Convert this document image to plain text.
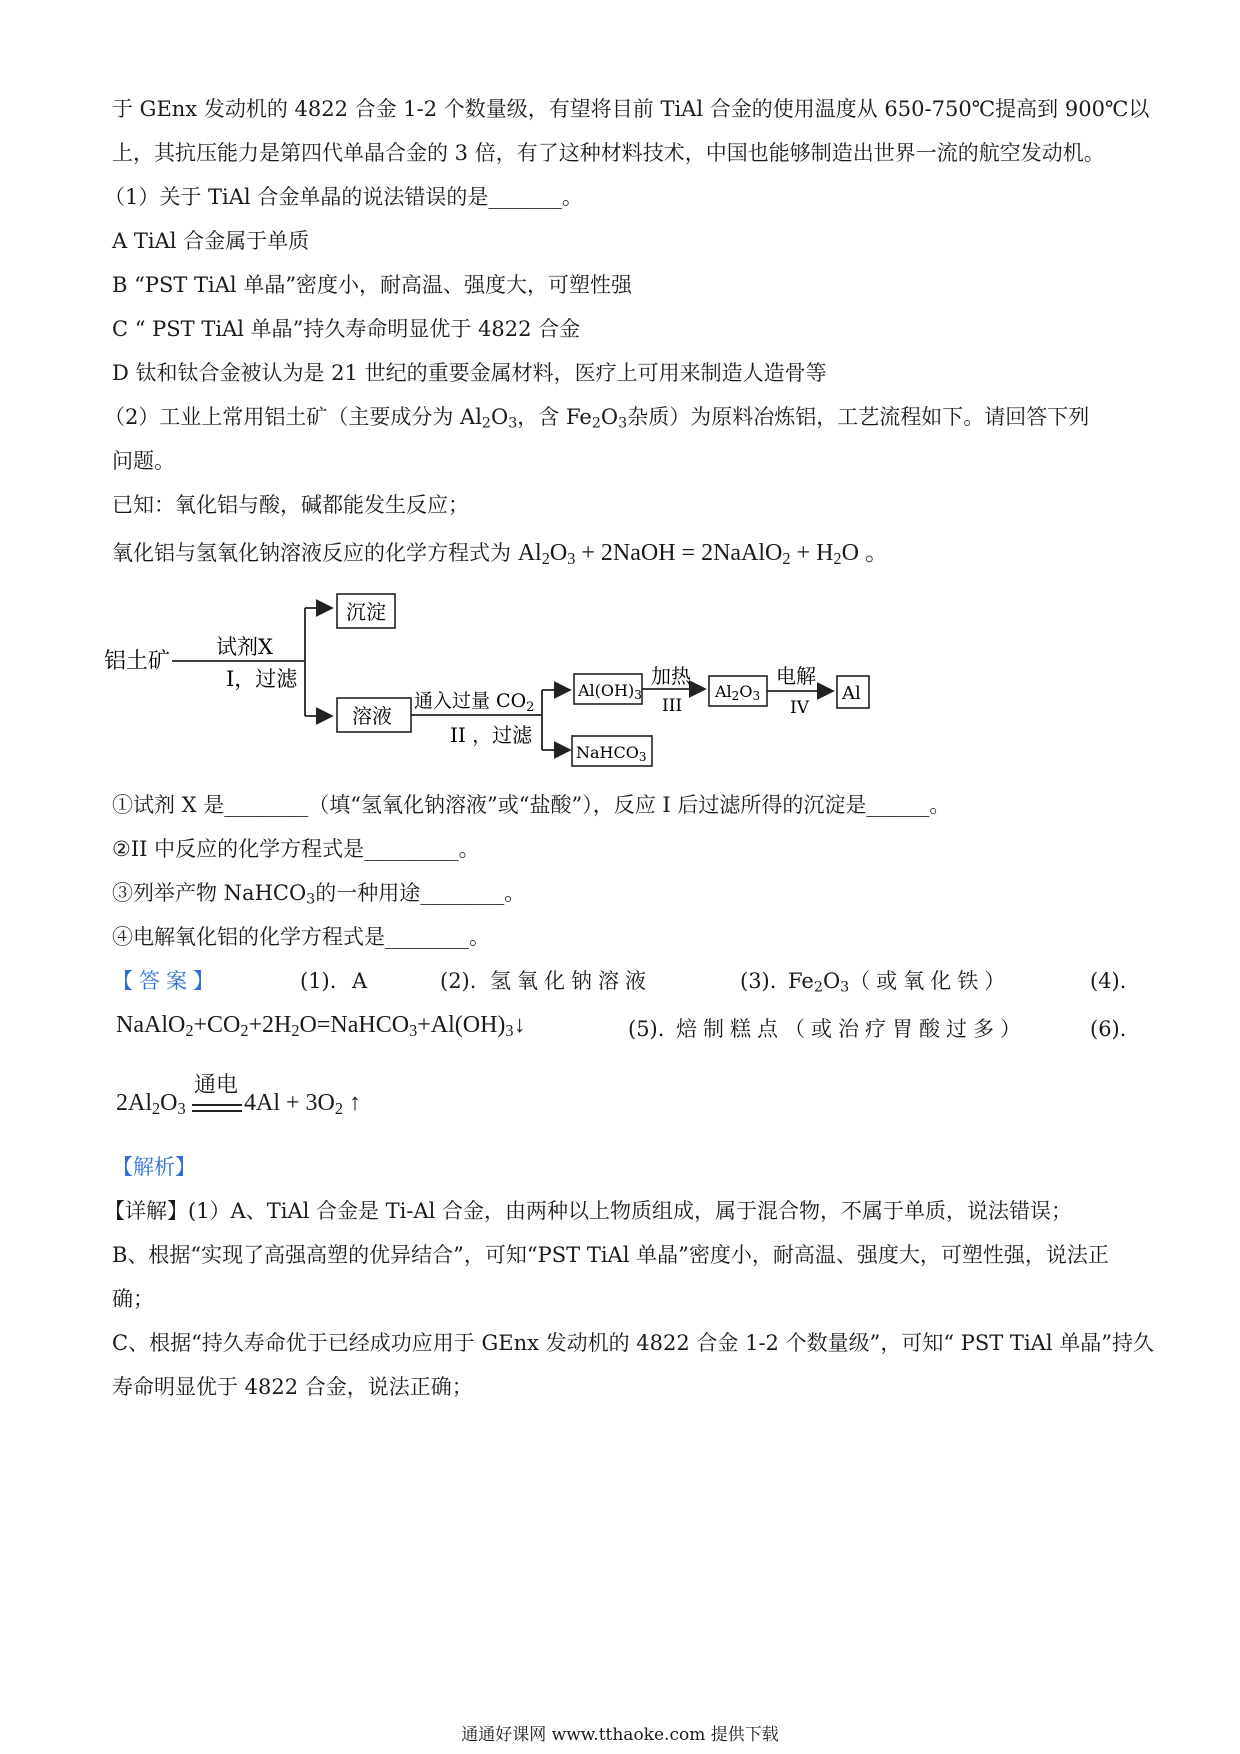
于 GEnx 发动机的 4822 合金 1-2 个数量级，有望将目前 TiAl 合金的使用温度从 650-750℃提高到 900℃以
上，其抗压能力是第四代单晶合金的 3 倍，有了这种材料技术，中国也能够制造出世界一流的航空发动机。
（1）关于 TiAl 合金单晶的说法错误的是_______。
A TiAl 合金属于单质
B “PST TiAl 单晶”密度小，耐高温、强度大，可塑性强
C “ PST TiAl 单晶”持久寿命明显优于 4822 合金
D 钛和钛合金被认为是 21 世纪的重要金属材料，医疗上可用来制造人造骨等
（2）工业上常用铝土矿（主要成分为 $Al_2O_3$，含 $Fe_2O_3$杂质）为原料冶炼铝，工艺流程如下。请回答下列
问题。
已知：氧化铝与酸，碱都能发生反应；
氧化铝与氢氧化钠溶液反应的化学方程式为 $Al_2O_3$ + 2NaOH = 2NaAlO$_2$ + $H_2O$ 。
铝土矿
试剂X
I，过滤
沉淀
溶液
通入过量 $CO_2$
II ，过滤
Al(OH)3
加热
III
Al2O3
电解
IV
Al
NaHCO3
①试剂 X 是________（填“氢氧化钠溶液”或“盐酸”），反应 I 后过滤所得的沉淀是______。
②II 中反应的化学方程式是_________。
③列举产物 NaHCO$_3$的一种用途________。
④电解氧化铝的化学方程式是________。
【答案】	(1). A	(2). 氢氧化钠溶液	(3). $Fe_2O_3$（或氧化铁）	(4).
$NaAlO_2+CO_2+2H_2O=NaHCO_3+Al(OH)_3↓$	(5). 焙制糕点（或治疗胃酸过多）	(6).
$2Al_2O_3$
通电
$4Al + 3O_2$ ↑
【解析】
【详解】(1）A、TiAl 合金是 Ti-Al 合金，由两种以上物质组成，属于混合物，不属于单质，说法错误；
B、根据“实现了高强高塑的优异结合”，可知“PST TiAl 单晶”密度小，耐高温、强度大，可塑性强，说法正
确；
C、根据“持久寿命优于已经成功应用于 GEnx 发动机的 4822 合金 1-2 个数量级”，可知“ PST TiAl 单晶”持久
寿命明显优于 4822 合金，说法正确；
通通好课网 www.tthaoke.com 提供下载
